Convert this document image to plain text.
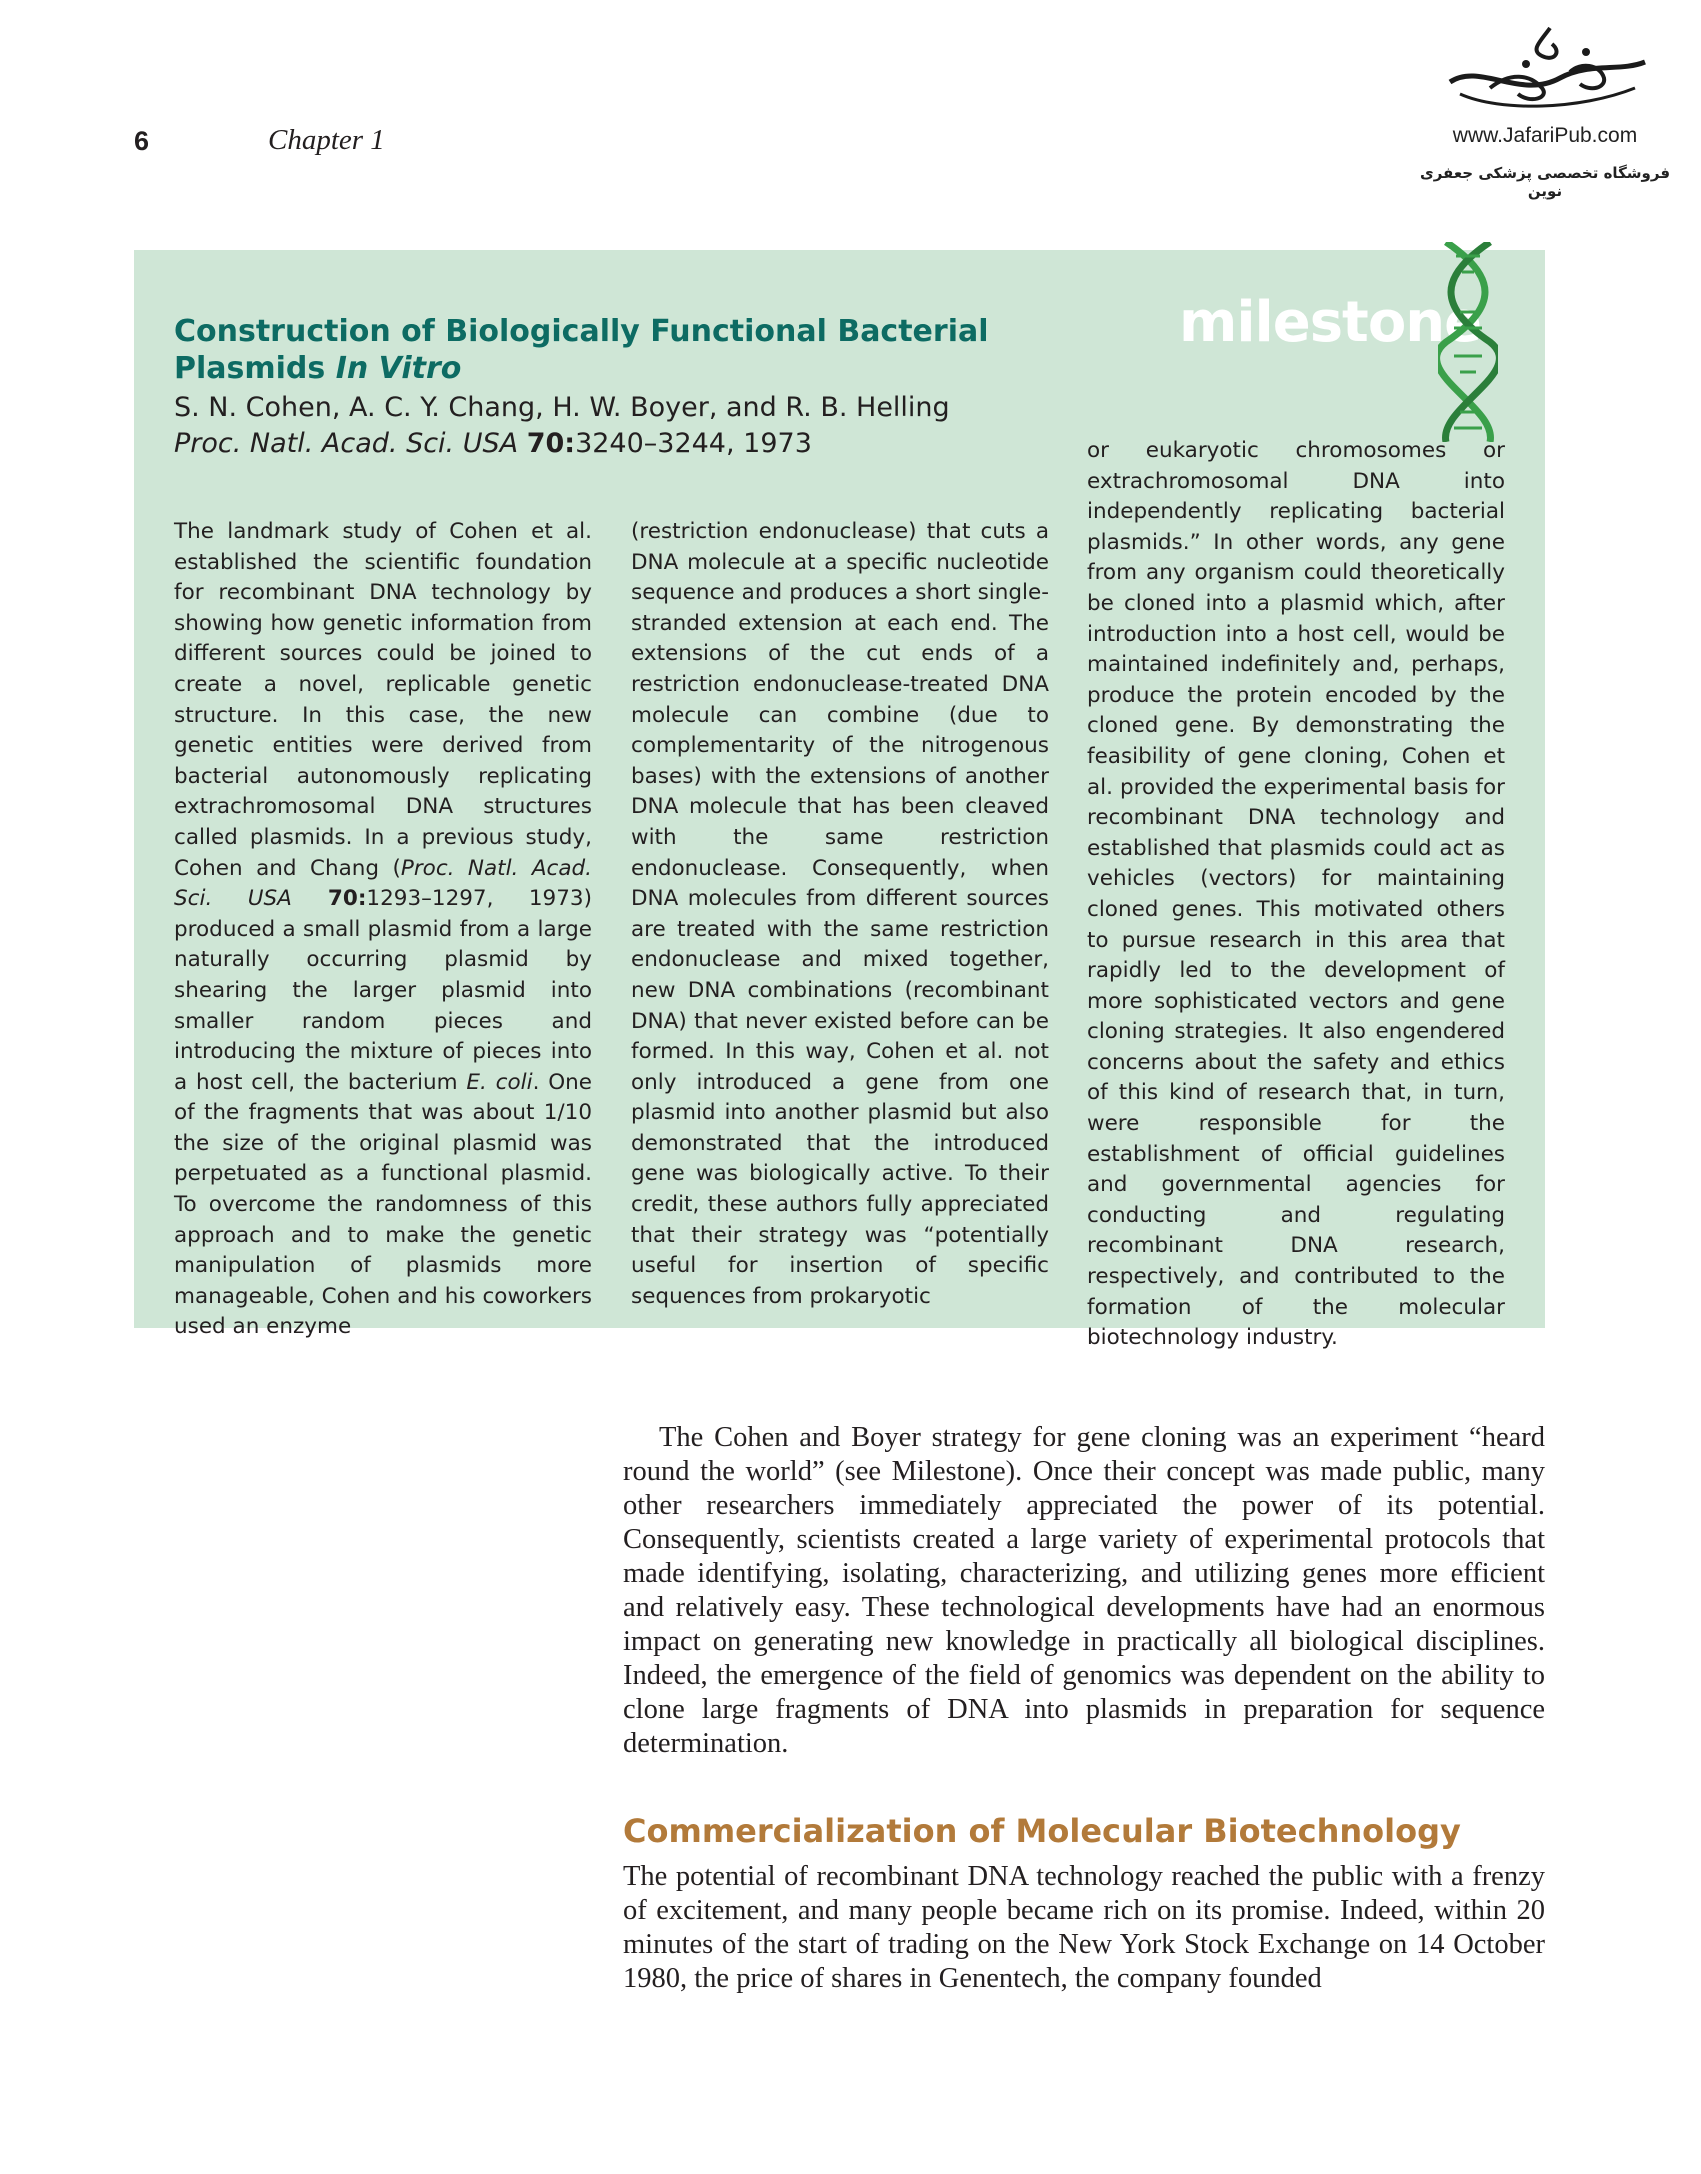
6	Chapter 1	www.JafariPub.com
فروشگاه تخصصی پزشکی جعفری نوین
milestone
Construction of Biologically Functional Bacterial Plasmids In Vitro
S. N. Cohen, A. C. Y. Chang, H. W. Boyer, and R. B. Helling
Proc. Natl. Acad. Sci. USA 70:3240–3244, 1973
The landmark study of Cohen et al. established the scientific foundation for recombinant DNA technology by showing how genetic information from different sources could be joined to create a novel, replicable genetic structure. In this case, the new genetic entities were derived from bacterial autonomously replicating extrachromosomal DNA structures called plasmids. In a previous study, Cohen and Chang (Proc. Natl. Acad. Sci. USA 70:1293–1297, 1973) produced a small plasmid from a large naturally occurring plasmid by shearing the larger plasmid into smaller random pieces and introducing the mixture of pieces into a host cell, the bacterium E. coli. One of the fragments that was about 1/10 the size of the original plasmid was perpetuated as a functional plasmid. To overcome the randomness of this approach and to make the genetic manipulation of plasmids more manageable, Cohen and his coworkers used an enzyme
(restriction endonuclease) that cuts a DNA molecule at a specific nucleotide sequence and produces a short single-stranded extension at each end. The extensions of the cut ends of a restriction endonuclease-treated DNA molecule can combine (due to complementarity of the nitrogenous bases) with the extensions of another DNA molecule that has been cleaved with the same restriction endonuclease. Consequently, when DNA molecules from different sources are treated with the same restriction endonuclease and mixed together, new DNA combinations (recombinant DNA) that never existed before can be formed. In this way, Cohen et al. not only introduced a gene from one plasmid into another plasmid but also demonstrated that the introduced gene was biologically active. To their credit, these authors fully appreciated that their strategy was “potentially useful for insertion of specific sequences from prokaryotic
or eukaryotic chromosomes or extrachromosomal DNA into independently replicating bacterial plasmids.” In other words, any gene from any organism could theoretically be cloned into a plasmid which, after introduction into a host cell, would be maintained indefinitely and, perhaps, produce the protein encoded by the cloned gene. By demonstrating the feasibility of gene cloning, Cohen et al. provided the experimental basis for recombinant DNA technology and established that plasmids could act as vehicles (vectors) for maintaining cloned genes. This motivated others to pursue research in this area that rapidly led to the development of more sophisticated vectors and gene cloning strategies. It also engendered concerns about the safety and ethics of this kind of research that, in turn, were responsible for the establishment of official guidelines and governmental agencies for conducting and regulating recombinant DNA research, respectively, and contributed to the formation of the molecular biotechnology industry.
The Cohen and Boyer strategy for gene cloning was an experiment “heard round the world” (see Milestone). Once their concept was made public, many other researchers immediately appreciated the power of its potential. Consequently, scientists created a large variety of experimental protocols that made identifying, isolating, characterizing, and utilizing genes more efficient and relatively easy. These technological developments have had an enormous impact on generating new knowledge in practically all biological disciplines. Indeed, the emergence of the field of genomics was dependent on the ability to clone large fragments of DNA into plasmids in preparation for sequence determination.
Commercialization of Molecular Biotechnology
The potential of recombinant DNA technology reached the public with a frenzy of excitement, and many people became rich on its promise. Indeed, within 20 minutes of the start of trading on the New York Stock Exchange on 14 October 1980, the price of shares in Genentech, the company founded
